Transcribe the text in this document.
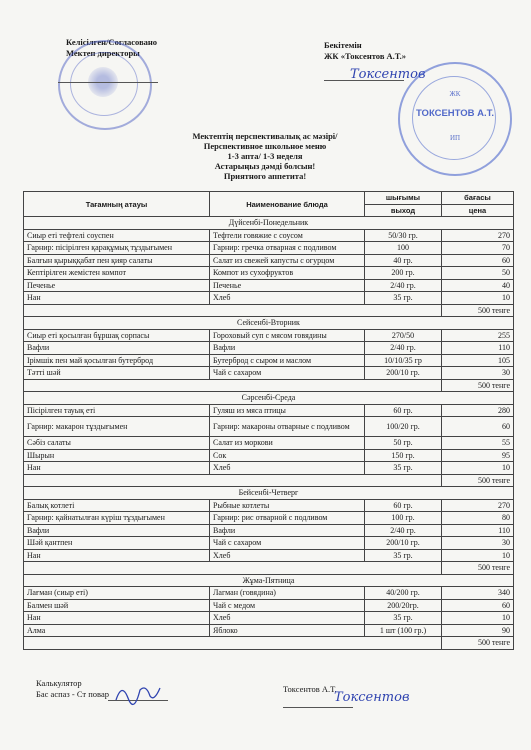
Келісілген/Согласовано
Мектеп директоры
Бекітемін
ЖК «Токсентов А.Т.»
Токсентов
ЖК
ТОКСЕНТОВ А.Т.
ИП
Мектептің перспективалық ас мәзірі/
Перспективное школьное меню
1-3 апта/ 1-3 неделя
Астарыңыз дәмді болсын!
Приятного аппетита!
Тағамның атауы	Наименование блюда	шығымы	бағасы
		выход	цена
Дүйсенбі-Понедельник			
Сиыр еті тефтелі соуспен	Тефтели говяжие с соусом	50/30 гр.	270
Гарнир: пісірілген қарақұмық тұздығымен	Гарнир: гречка отварная с подливом	100	70
Балғын қырыққабат пен қияр салаты	Салат из свежей капусты с огурцом	40 гр.	60
Кептірілген жемістен компот	Компот из сухофруктов	200 гр.	50
Печенье	Печенье	2/40 гр.	40
Нан	Хлеб	35 гр.	10
			500 тенге
Сейсенбі-Вторник			
Сиыр еті қосылған бұршақ сорпасы	Гороховый суп с мясом говядины	270/50	255
Вафли	Вафли	2/40 гр.	110
Ірімшік пен май қосылған бутерброд	Бутерброд с сыром и маслом	10/10/35 гр	105
Тәтті шәй	Чай с сахаром	200/10 гр.	30
			500 тенге
Сәрсенбі-Среда			
Пісірілген тауық еті	Гуляш из мяса птицы	60 гр.	280
Гарнир: макарон тұздығымен	Гарнир: макароны отварные с подливом	100/20 гр.	60
Сәбіз салаты	Салат из моркови	50 гр.	55
Шырын	Сок	150 гр.	95
Нан	Хлеб	35 гр.	10
			500 тенге
Бейсенбі-Четверг			
Балық котлеті	Рыбные котлеты	60 гр.	270
Гарнир: қайнатылған күріш тұздығымен	Гарнир: рис отварной с подливом	100 гр.	80
Вафли	Вафли	2/40 гр.	110
Шәй қантпен	Чай с сахаром	200/10 гр.	30
Нан	Хлеб	35 гр.	10
			500 тенге
Жұма-Пятница			
Лағман (сиыр еті)	Лагман (говядина)	40/200 гр.	340
Балмен шәй	Чай с медом	200/20гр.	60
Нан	Хлеб	35 гр.	10
Алма	Яблоко	1 шт (100 гр.)	90
			500 тенге
Калькулятор
Бас аспаз - Ст повар	Токсентов А.Т.
Токсентов
